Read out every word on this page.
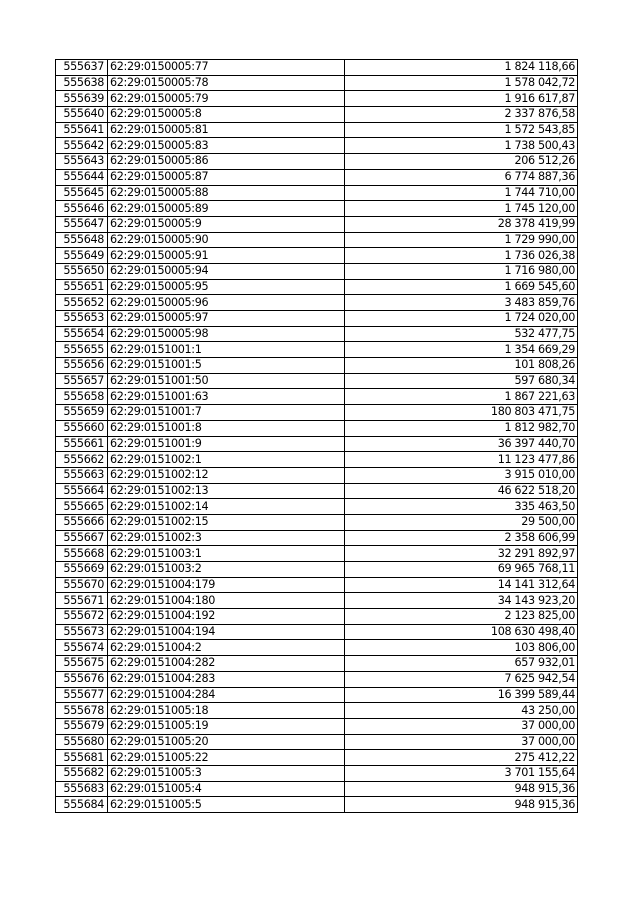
555637	62:29:0150005:77	1 824 118,66
555638	62:29:0150005:78	1 578 042,72
555639	62:29:0150005:79	1 916 617,87
555640	62:29:0150005:8	2 337 876,58
555641	62:29:0150005:81	1 572 543,85
555642	62:29:0150005:83	1 738 500,43
555643	62:29:0150005:86	206 512,26
555644	62:29:0150005:87	6 774 887,36
555645	62:29:0150005:88	1 744 710,00
555646	62:29:0150005:89	1 745 120,00
555647	62:29:0150005:9	28 378 419,99
555648	62:29:0150005:90	1 729 990,00
555649	62:29:0150005:91	1 736 026,38
555650	62:29:0150005:94	1 716 980,00
555651	62:29:0150005:95	1 669 545,60
555652	62:29:0150005:96	3 483 859,76
555653	62:29:0150005:97	1 724 020,00
555654	62:29:0150005:98	532 477,75
555655	62:29:0151001:1	1 354 669,29
555656	62:29:0151001:5	101 808,26
555657	62:29:0151001:50	597 680,34
555658	62:29:0151001:63	1 867 221,63
555659	62:29:0151001:7	180 803 471,75
555660	62:29:0151001:8	1 812 982,70
555661	62:29:0151001:9	36 397 440,70
555662	62:29:0151002:1	11 123 477,86
555663	62:29:0151002:12	3 915 010,00
555664	62:29:0151002:13	46 622 518,20
555665	62:29:0151002:14	335 463,50
555666	62:29:0151002:15	29 500,00
555667	62:29:0151002:3	2 358 606,99
555668	62:29:0151003:1	32 291 892,97
555669	62:29:0151003:2	69 965 768,11
555670	62:29:0151004:179	14 141 312,64
555671	62:29:0151004:180	34 143 923,20
555672	62:29:0151004:192	2 123 825,00
555673	62:29:0151004:194	108 630 498,40
555674	62:29:0151004:2	103 806,00
555675	62:29:0151004:282	657 932,01
555676	62:29:0151004:283	7 625 942,54
555677	62:29:0151004:284	16 399 589,44
555678	62:29:0151005:18	43 250,00
555679	62:29:0151005:19	37 000,00
555680	62:29:0151005:20	37 000,00
555681	62:29:0151005:22	275 412,22
555682	62:29:0151005:3	3 701 155,64
555683	62:29:0151005:4	948 915,36
555684	62:29:0151005:5	948 915,36
